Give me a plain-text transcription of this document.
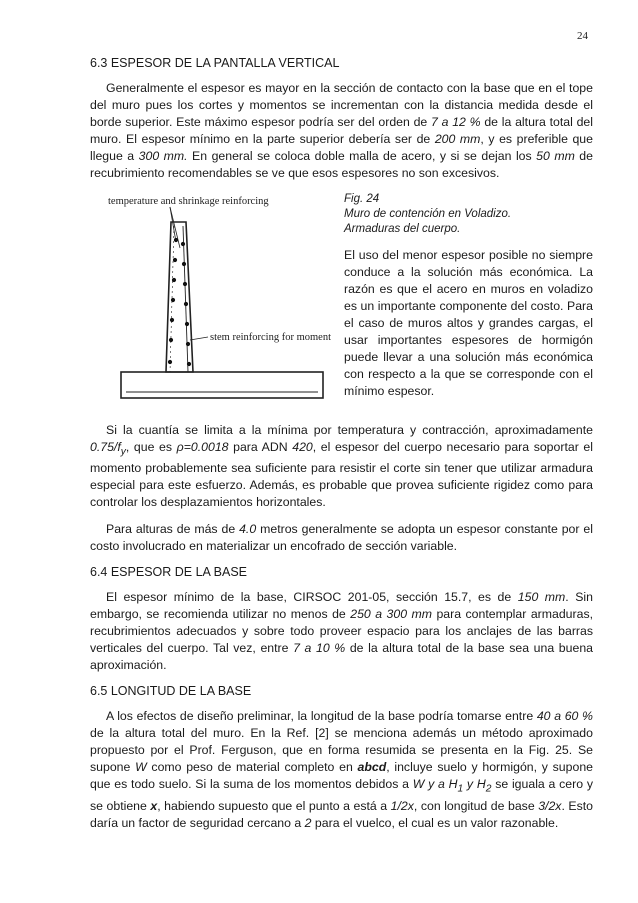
24
6.3 ESPESOR DE LA PANTALLA VERTICAL

Generalmente el espesor es mayor en la sección de contacto con la base que en el tope del muro pues los cortes y momentos se incrementan con la distancia medida desde el borde superior. Este máximo espesor podría ser del orden de 7 a 12 % de la altura total del muro. El espesor mínimo en la parte superior debería ser de 200 mm, y es preferible que llegue a 300 mm. En general se coloca doble malla de acero, y si se dejan los 50 mm de recubrimiento recomendables se ve que esos espesores no son excesivos.

temperature and shrinkage reinforcing
stem reinforcing for moment
Fig. 24
Muro de contención en Voladizo.
Armaduras del cuerpo.

El uso del menor espesor posible no siempre conduce a la solución más económica. La razón es que el acero en muros en voladizo es un importante componente del costo. Para el caso de muros altos y grandes cargas, el usar importantes espesores de hormigón puede llevar a una solución más económica con respecto a la que se corresponde con el mínimo espesor.

Si la cuantía se limita a la mínima por temperatura y contracción, aproximadamente $0.75/f_y$, que es ρ=0.0018 para ADN 420, el espesor del cuerpo necesario para soportar el momento probablemente sea suficiente para resistir el corte sin tener que utilizar armadura especial para este esfuerzo. Además, es probable que provea suficiente rigidez como para controlar los desplazamientos horizontales.

Para alturas de más de 4.0 metros generalmente se adopta un espesor constante por el costo involucrado en materializar un encofrado de sección variable.

6.4 ESPESOR DE LA BASE

El espesor mínimo de la base, CIRSOC 201-05, sección 15.7, es de 150 mm. Sin embargo, se recomienda utilizar no menos de 250 a 300 mm para contemplar armaduras, recubrimientos adecuados y sobre todo proveer espacio para los anclajes de las barras verticales del cuerpo. Tal vez, entre 7 a 10 % de la altura total de la base sea una buena aproximación.

6.5 LONGITUD DE LA BASE

A los efectos de diseño preliminar, la longitud de la base podría tomarse entre 40 a 60 % de la altura total del muro. En la Ref. [2] se menciona además un método aproximado propuesto por el Prof. Ferguson, que en forma resumida se presenta en la Fig. 25. Se supone W como peso de material completo en abcd, incluye suelo y hormigón, y supone que es todo suelo. Si la suma de los momentos debidos a W y a $H_1$ y $H_2$ se iguala a cero y se obtiene x, habiendo supuesto que el punto a está a 1/2x, con longitud de base 3/2x. Esto daría un factor de seguridad cercano a 2 para el vuelco, el cual es un valor razonable.
